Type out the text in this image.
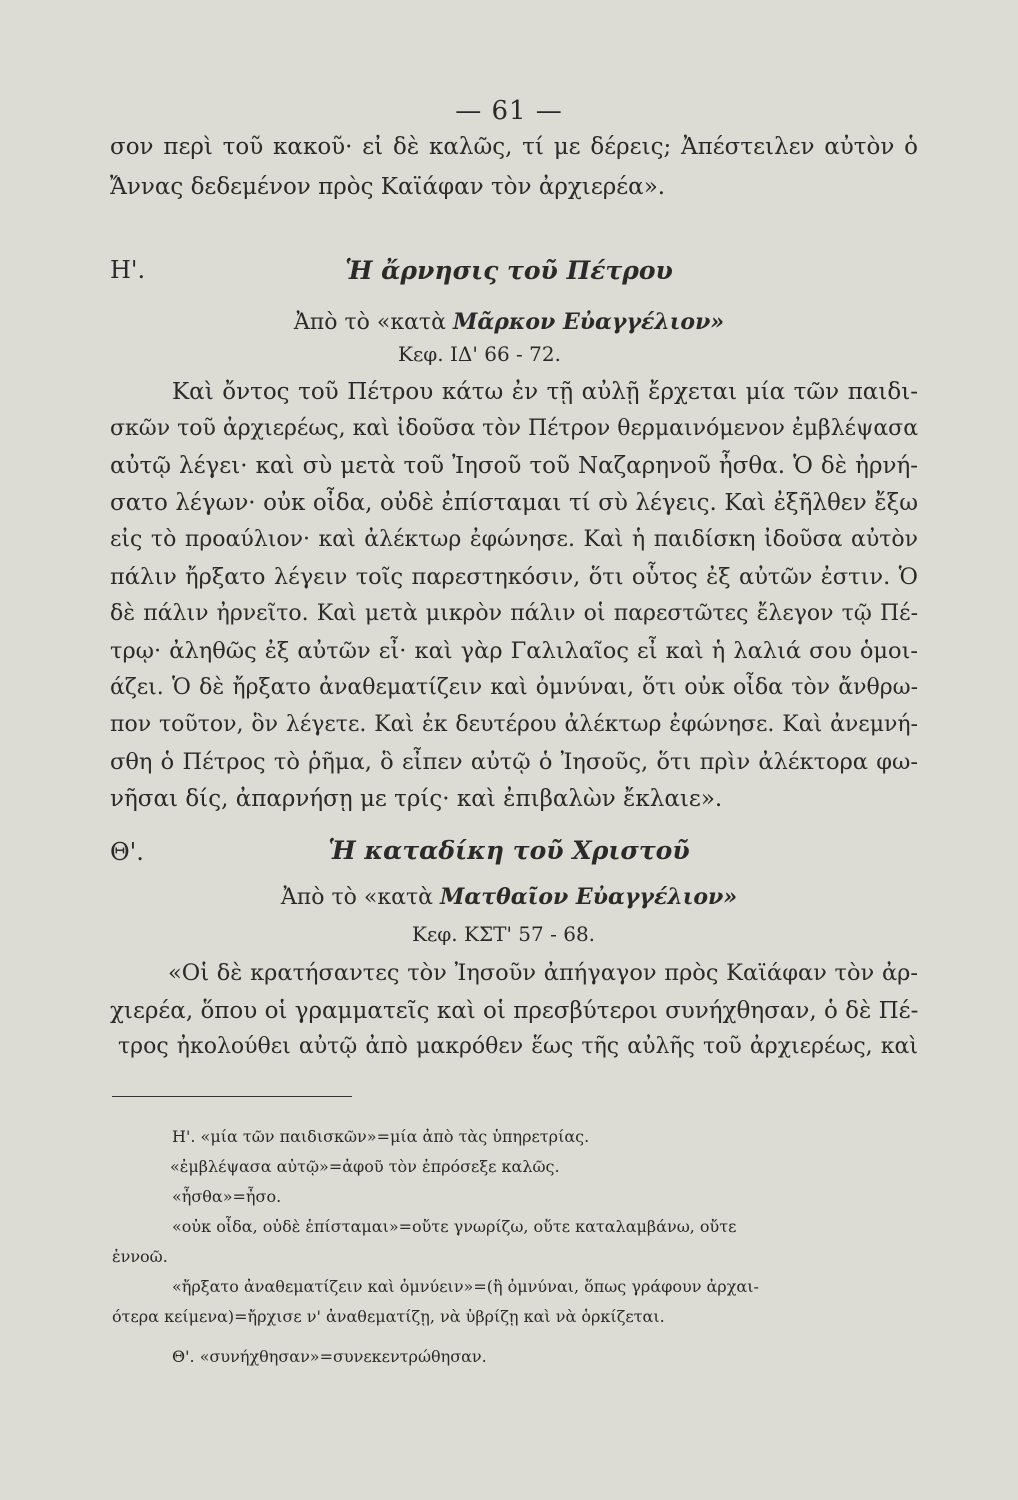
— 61 —
σον περὶ τοῦ κακοῦ· εἰ δὲ καλῶς, τί με δέρεις; Ἀπέστειλεν αὐτὸν ὁ
Ἄννας δεδεμένον πρὸς Καϊάφαν τὸν ἀρχιερέα».
Η'.	Ἡ ἄρνησις τοῦ Πέτρου
Ἀπὸ τὸ «κατὰ Μᾶρκον Εὐαγγέλιον»
Κεφ. ΙΔ' 66 - 72.
Καὶ ὄντος τοῦ Πέτρου κάτω ἐν τῇ αὐλῇ ἔρχεται μία τῶν παιδι-
σκῶν τοῦ ἀρχιερέως, καὶ ἰδοῦσα τὸν Πέτρον θερμαινόμενον ἐμβλέψασα
αὐτῷ λέγει· καὶ σὺ μετὰ τοῦ Ἰησοῦ τοῦ Ναζαρηνοῦ ἦσθα. Ὁ δὲ ἠρνή-
σατο λέγων· οὐκ οἶδα, οὐδὲ ἐπίσταμαι τί σὺ λέγεις. Καὶ ἐξῆλθεν ἔξω
εἰς τὸ προαύλιον· καὶ ἀλέκτωρ ἐφώνησε. Καὶ ἡ παιδίσκη ἰδοῦσα αὐτὸν
πάλιν ἤρξατο λέγειν τοῖς παρεστηκόσιν, ὅτι οὗτος ἐξ αὐτῶν ἐστιν. Ὁ
δὲ πάλιν ἠρνεῖτο. Καὶ μετὰ μικρὸν πάλιν οἱ παρεστῶτες ἔλεγον τῷ Πέ-
τρῳ· ἀληθῶς ἐξ αὐτῶν εἶ· καὶ γὰρ Γαλιλαῖος εἶ καὶ ἡ λαλιά σου ὁμοι-
άζει. Ὁ δὲ ἤρξατο ἀναθεματίζειν καὶ ὀμνύναι, ὅτι οὐκ οἶδα τὸν ἄνθρω-
πον τοῦτον, ὃν λέγετε. Καὶ ἐκ δευτέρου ἀλέκτωρ ἐφώνησε. Καὶ ἀνεμνή-
σθη ὁ Πέτρος τὸ ῥῆμα, ὃ εἶπεν αὐτῷ ὁ Ἰησοῦς, ὅτι πρὶν ἀλέκτορα φω-
νῆσαι δίς, ἀπαρνήσῃ με τρίς· καὶ ἐπιβαλὼν ἔκλαιε».
Θ'.	Ἡ καταδίκη τοῦ Χριστοῦ
Ἀπὸ τὸ «κατὰ Ματθαῖον Εὐαγγέλιον»
Κεφ. ΚΣΤ' 57 - 68.
«Οἱ δὲ κρατήσαντες τὸν Ἰησοῦν ἀπήγαγον πρὸς Καϊάφαν τὸν ἀρ-
χιερέα, ὅπου οἱ γραμματεῖς καὶ οἱ πρεσβύτεροι συνήχθησαν, ὁ δὲ Πέ-
τρος ἠκολούθει αὐτῷ ἀπὸ μακρόθεν ἕως τῆς αὐλῆς τοῦ ἀρχιερέως, καὶ
Η'. «μία τῶν παιδισκῶν»=μία ἀπὸ τὰς ὑπηρετρίας.
«ἐμβλέψασα αὐτῷ»=ἀφοῦ τὸν ἐπρόσεξε καλῶς.
«ἦσθα»=ἦσο.
«οὐκ οἶδα, οὐδὲ ἐπίσταμαι»=οὔτε γνωρίζω, οὔτε καταλαμβάνω, οὔτε
ἐννοῶ.
«ἤρξατο ἀναθεματίζειν καὶ ὀμνύειν»=(ἢ ὀμνύναι, ὅπως γράφουν ἀρχαι-
ότερα κείμενα)=ἤρχισε ν' ἀναθεματίζῃ, νὰ ὑβρίζῃ καὶ νὰ ὁρκίζεται.
Θ'. «συνήχθησαν»=συνεκεντρώθησαν.
